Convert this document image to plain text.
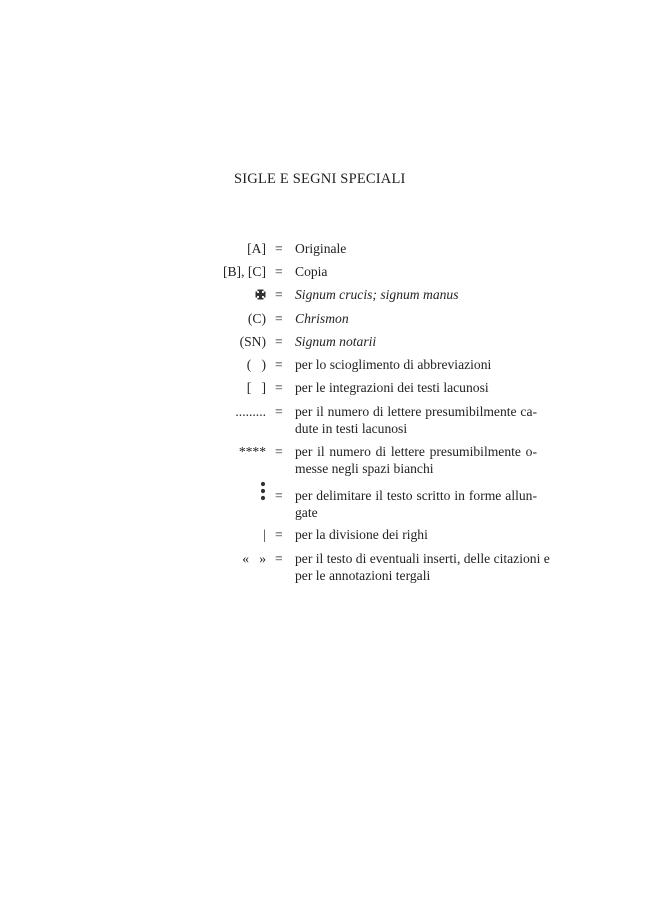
SIGLE E SEGNI SPECIALI
[A] = Originale
[B], [C] = Copia
= Signum crucis; signum manus
(C) = Chrismon
(SN) = Signum notarii
(   ) = per lo scioglimento di abbreviazioni
[   ] = per le integrazioni dei testi lacunosi
......... = per il numero di lettere presumibilmente ca-
dute in testi lacunosi
**** = per il numero di lettere presumibilmente o-
messe negli spazi bianchi
= per delimitare il testo scritto in forme allun-
gate
| = per la divisione dei righi
«   » = per il testo di eventuali inserti, delle citazioni e
per le annotazioni tergali
